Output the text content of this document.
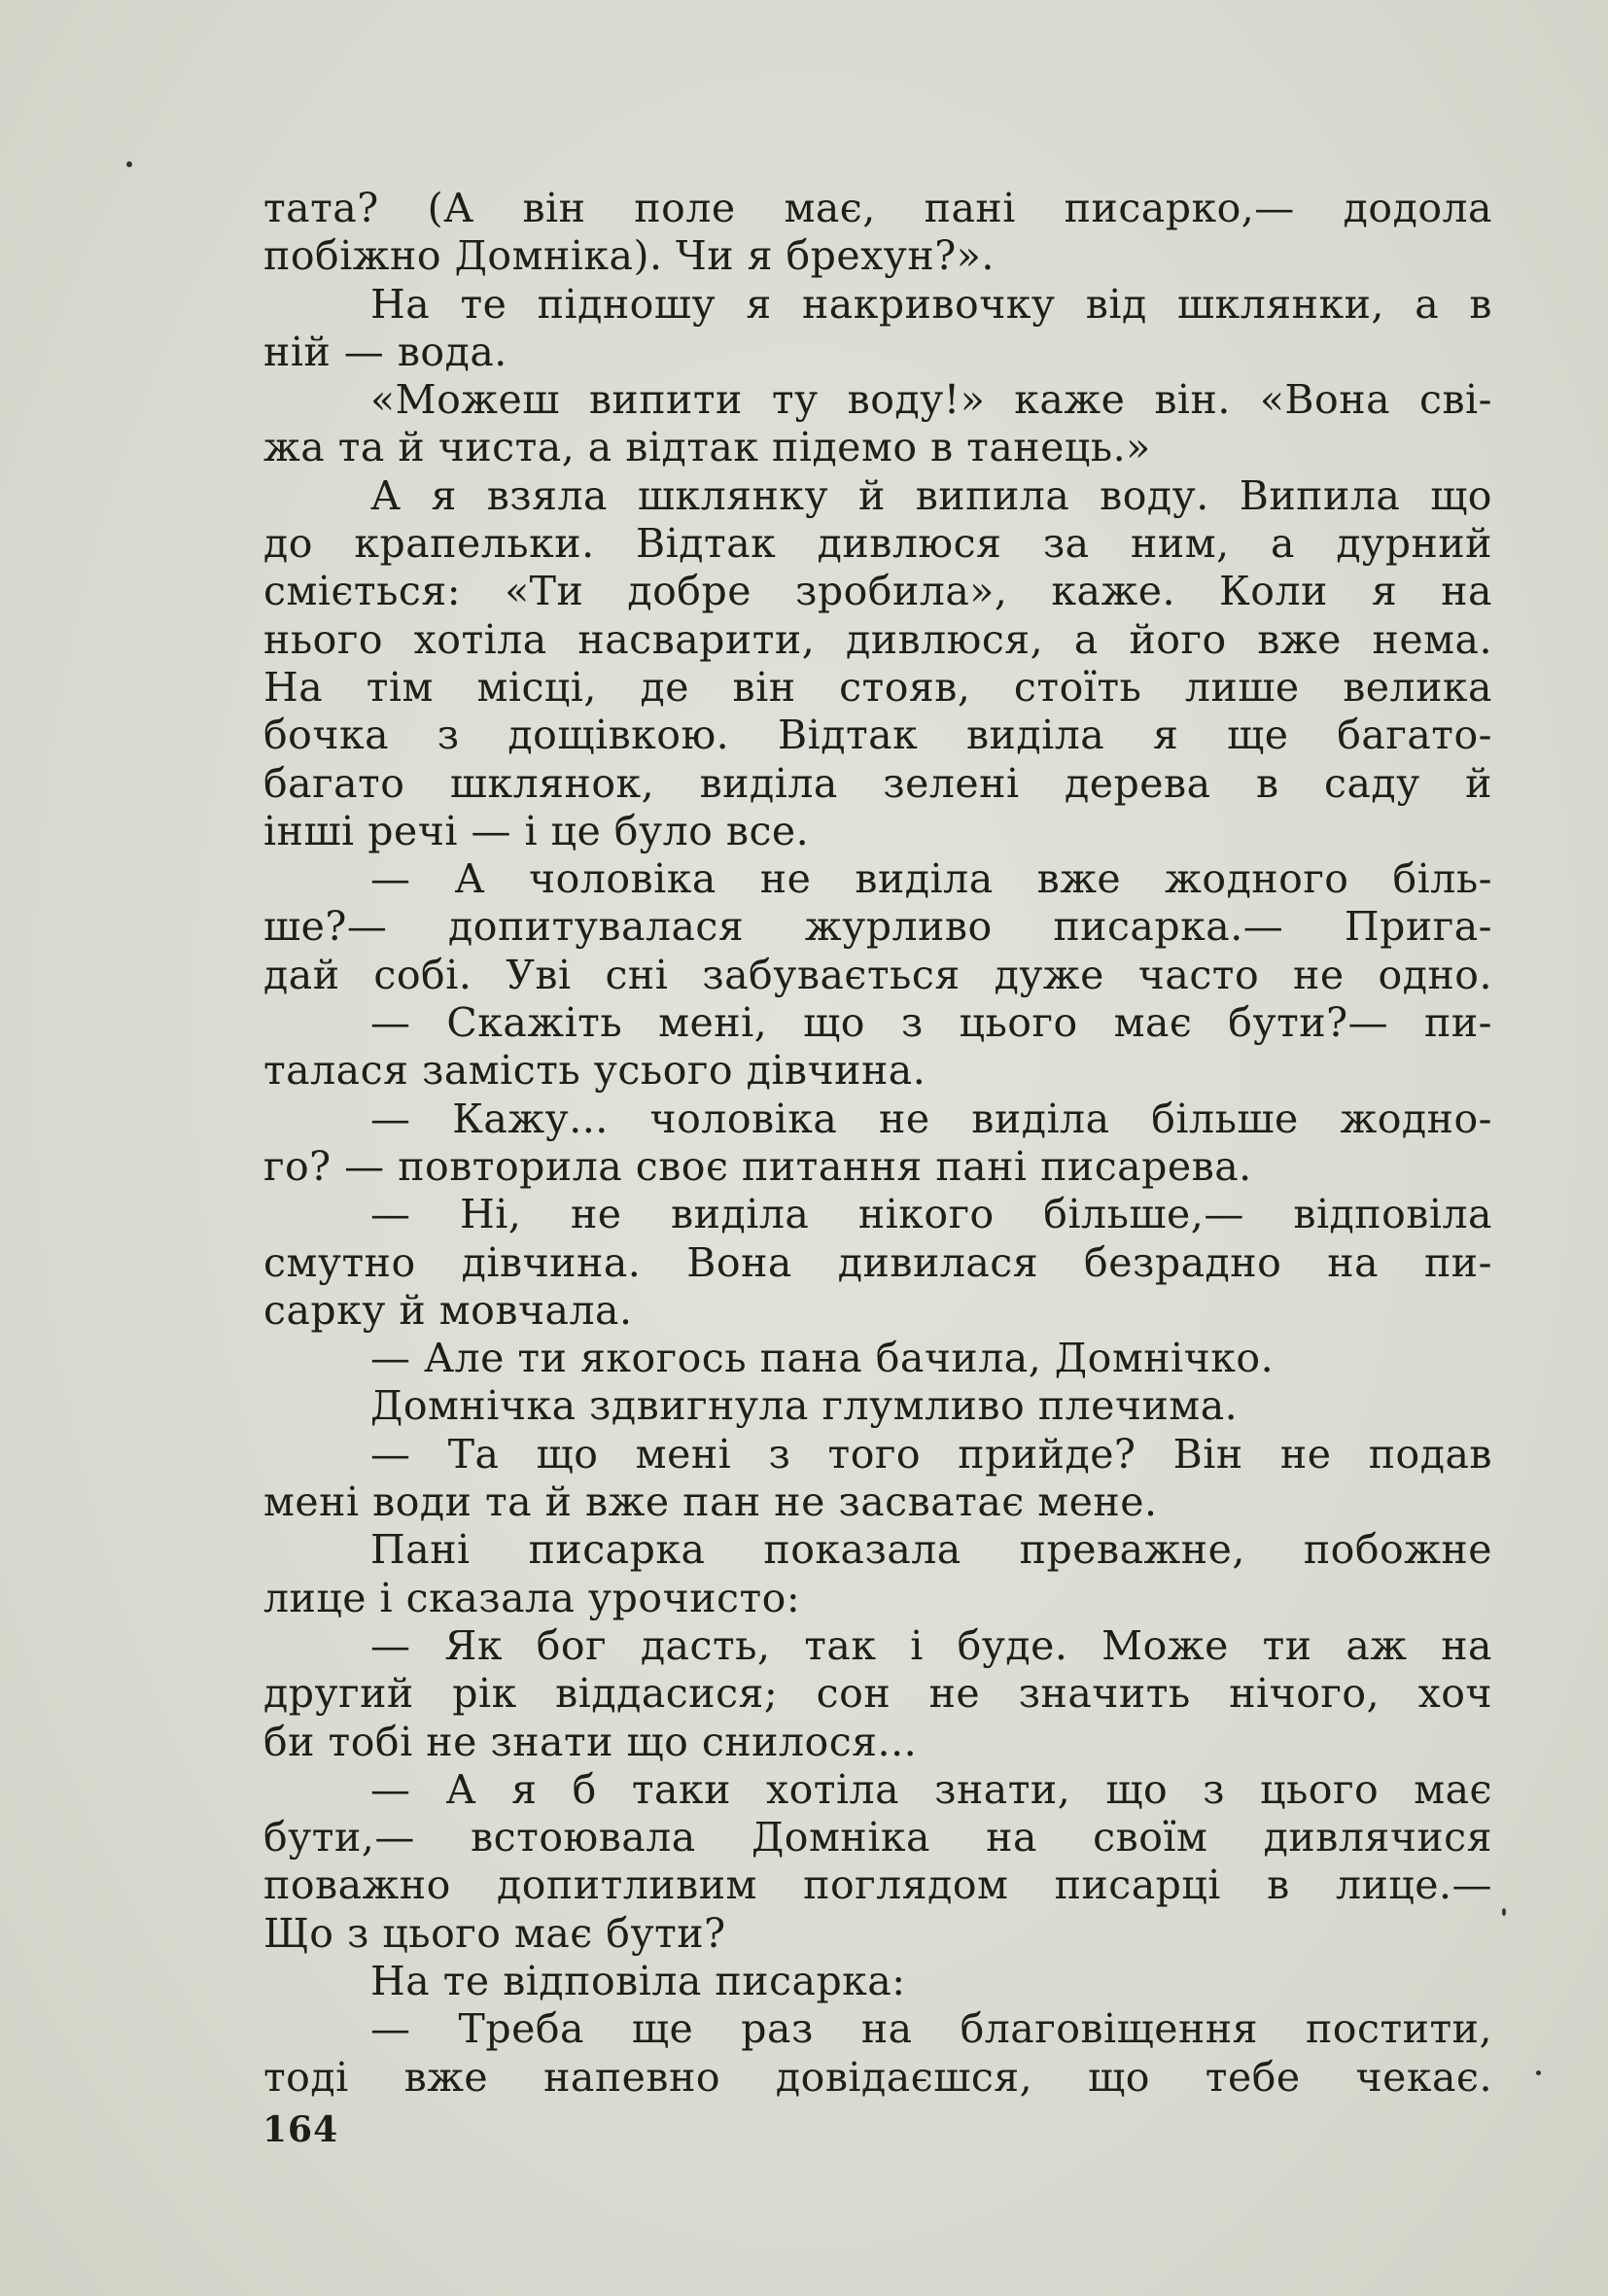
тата? (А він поле має, пані писарко,— додола
побіжно Домніка). Чи я брехун?».
На те підношу я накривочку від шклянки, а в
ній — вода.
«Можеш випити ту воду!» каже він. «Вона сві-
жа та й чиста, а відтак підемо в танець.»
А я взяла шклянку й випила воду. Випила що
до крапельки. Відтак дивлюся за ним, а дурний
сміється: «Ти добре зробила», каже. Коли я на
нього хотіла насварити, дивлюся, а його вже нема.
На тім місці, де він стояв, стоїть лише велика
бочка з дощівкою. Відтак виділа я ще багато-
багато шклянок, виділа зелені дерева в саду й
інші речі — і це було все.
— А чоловіка не виділа вже жодного біль-
ше?— допитувалася журливо писарка.— Пригa-
дай собі. Уві сні забувається дуже часто не одно.
— Скажіть мені, що з цього має бути?— пи-
талася замість усього дівчина.
— Кажу... чоловіка не виділа більше жодно-
го? — повторила своє питання пані писарева.
— Ні, не виділа нікого більше,— відповіла
смутно дівчина. Вона дивилася безрадно на пи-
сарку й мовчала.
— Але ти якогось пана бачила, Домнічко.
Домнічка здвигнула глумливо плечима.
— Та що мені з того прийде? Він не подав
мені води та й вже пан не засватає мене.
Пані писарка показала преважне, побожне
лице і сказала урочисто:
— Як бог дасть, так і буде. Може ти аж на
другий рік віддасися; сон не значить нічого, хоч
би тобі не знати що снилося...
— А я б таки хотіла знати, що з цього має
бути,— встоювала Домніка на своїм дивлячися
поважно допитливим поглядом писарці в лице.—
Що з цього має бути?
На те відповіла писарка:
— Треба ще раз на благовіщення постити,
тоді вже напевно довідаєшся, що тебе чекає.
164
